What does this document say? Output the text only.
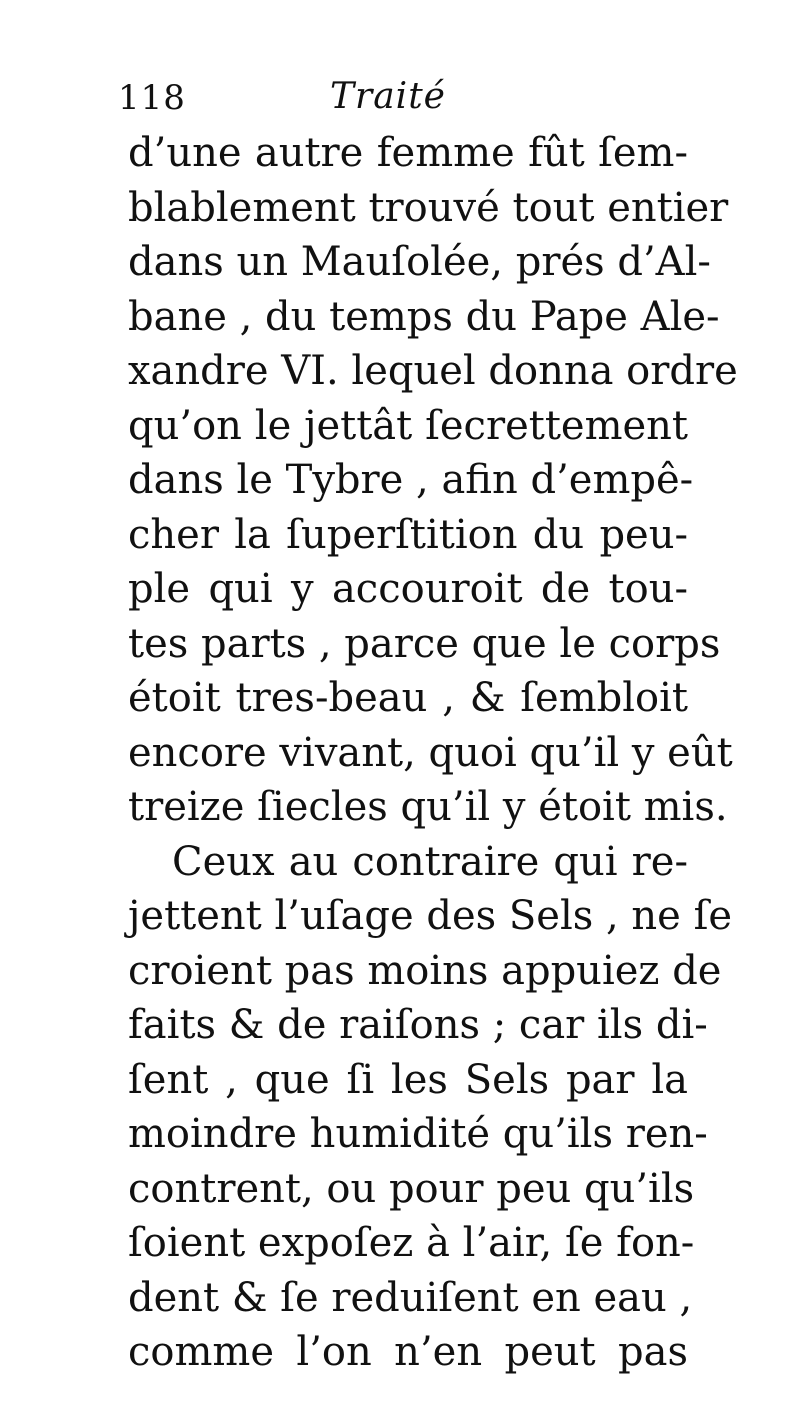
118	Traité
d’une autre femme fût ſem-
blablement trouvé tout entier
dans un Mauſolée, prés d’Al-
bane , du temps du Pape Ale-
xandre VI. lequel donna ordre
qu’on le jettât ſecrettement
dans le Tybre , afin d’empê-
cher la ſuperſtition du peu-
ple qui y accouroit de tou-
tes parts , parce que le corps
étoit tres-beau , & ſembloit
encore vivant, quoi qu’il y eût
treize ſiecles qu’il y étoit mis.
Ceux au contraire qui re-
jettent l’uſage des Sels , ne ſe
croient pas moins appuiez de
faits & de raiſons ; car ils di-
ſent , que ſi les Sels par la
moindre humidité qu’ils ren-
contrent, ou pour peu qu’ils
ſoient expoſez à l’air, ſe fon-
dent & ſe reduiſent en eau ,
comme l’on n’en peut pas
